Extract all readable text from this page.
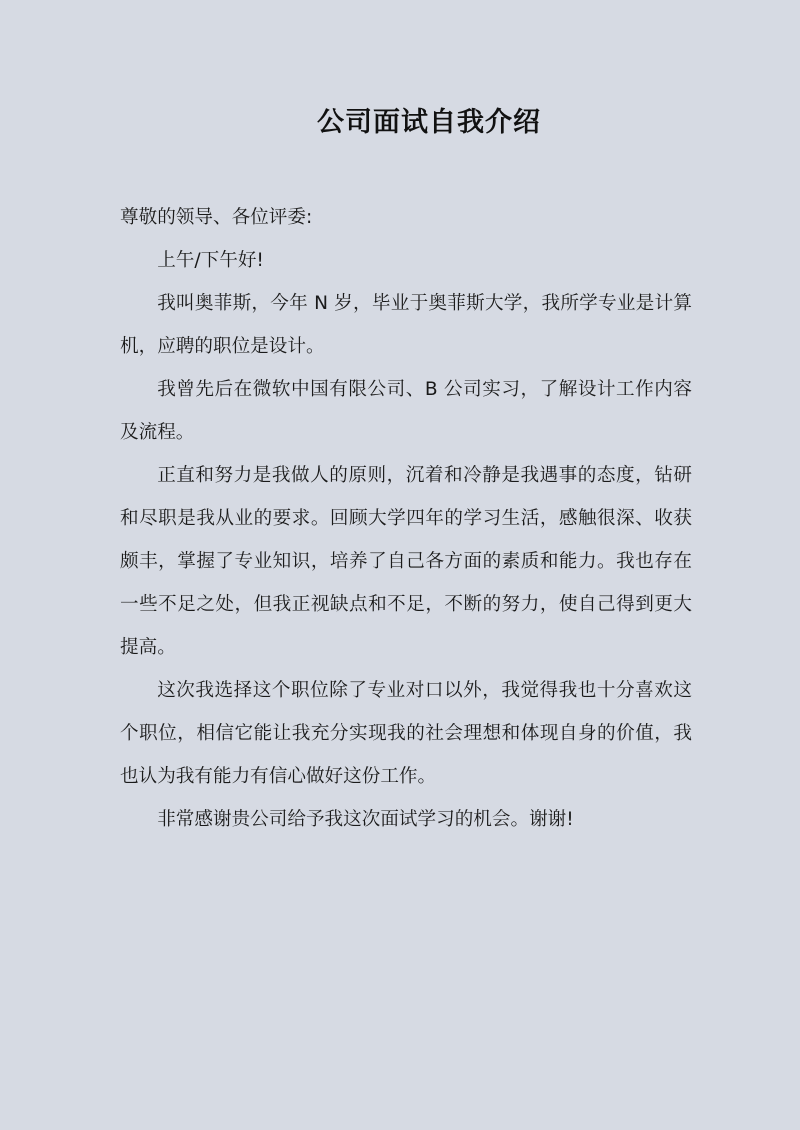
公司面试自我介绍

尊敬的领导、各位评委:

上午/下午好!

我叫奥菲斯，今年 N 岁，毕业于奥菲斯大学，我所学专业是计算机，应聘的职位是设计。

我曾先后在微软中国有限公司、B 公司实习，了解设计工作内容及流程。

正直和努力是我做人的原则，沉着和冷静是我遇事的态度，钻研和尽职是我从业的要求。回顾大学四年的学习生活，感触很深、收获颇丰，掌握了专业知识，培养了自己各方面的素质和能力。我也存在一些不足之处，但我正视缺点和不足，不断的努力，使自己得到更大提高。

这次我选择这个职位除了专业对口以外，我觉得我也十分喜欢这个职位，相信它能让我充分实现我的社会理想和体现自身的价值，我也认为我有能力有信心做好这份工作。

非常感谢贵公司给予我这次面试学习的机会。谢谢!
